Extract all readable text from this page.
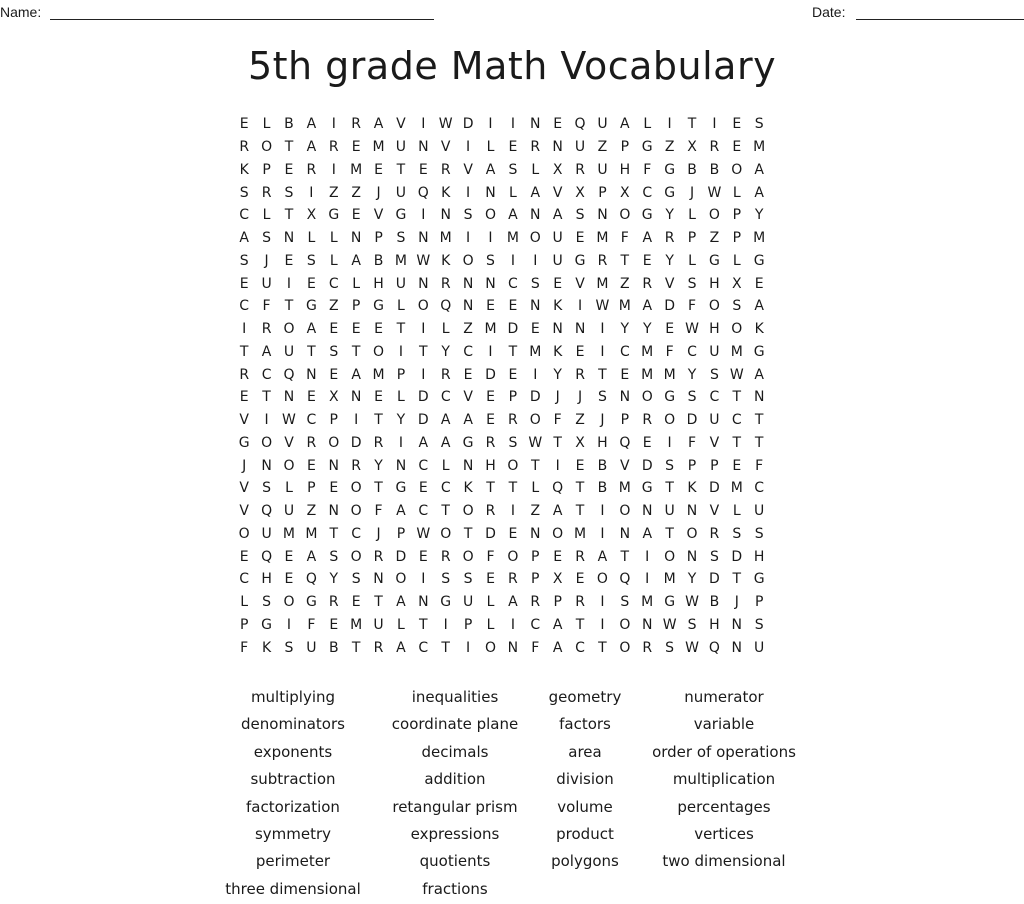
Name:	Date:
5th grade Math Vocabulary
E	L B A	I	R A V	I W D	I	I	N E Q U A L	I	T	I	E S
R O T A R E M U N V	I	L	E R N U Z P G Z X R E M
K P E R	I	M E T E R V A S	L X R U H F G B B O A
S R S	I	Z Z	J	U Q K	I	N L A V X P X C G	J W L A
C L	T X G E V G	I	N S O A N A S N O G Y	L O P Y
A S N L	L N P S N M	I	I	M O U E M F A R P Z P M
S	J	E S	L A B M W K O S	I	I	U G R T E Y	L G L G
E U	I	E C L H U N R N N C S E V M Z R V S H X E
C F	T G Z P G L O Q N E E N K	I W M A D F O S A
I	R O A E E E T	I	L Z M D E N N	I	Y Y E W H O K
T A U T S T O	I	T Y C	I	T M K E	I	C M F C U M G
R C Q N E A M P	I	R E D E	I	Y R T E M M Y S W A
E T N E X N E	L D C V E P D	J	J	S N O G S C T N
V	I W C P	I	T Y D A A E R O F Z	J	P R O D U C T
G O V R O D R	I	A A G R S W T X H Q E	I	F V T T
J	N O E N R Y N C L N H O T	I	E B V D S P P E F
V S	L	P E O T G E C K T T	L Q T B M G T K D M C
V Q U Z N O F A C T O R	I	Z A T	I	O N U N V L U
O U M M T C	J	P W O T D E N O M	I	N A T O R S S
E Q E A S O R D E R O F O P E R A T	I	O N S D H
C H E Q Y S N O	I	S S E R P X E O Q	I	M Y D T G
L	S O G R E T A N G U L A R P R	I	S M G W B	J	P
P G	I	F E M U L	T	I	P	L	I	C A T	I	O N W S H N S
F K S U B T R A C T	I	O N F A C T O R S W Q N U
multiplying	inequalities	geometry	numerator
denominators	coordinate plane	factors	variable
exponents	decimals	area	order of operations
subtraction	addition	division	multiplication
factorization	retangular prism	volume	percentages
symmetry	expressions	product	vertices
perimeter	quotients	polygons	two dimensional
three dimensional	fractions
